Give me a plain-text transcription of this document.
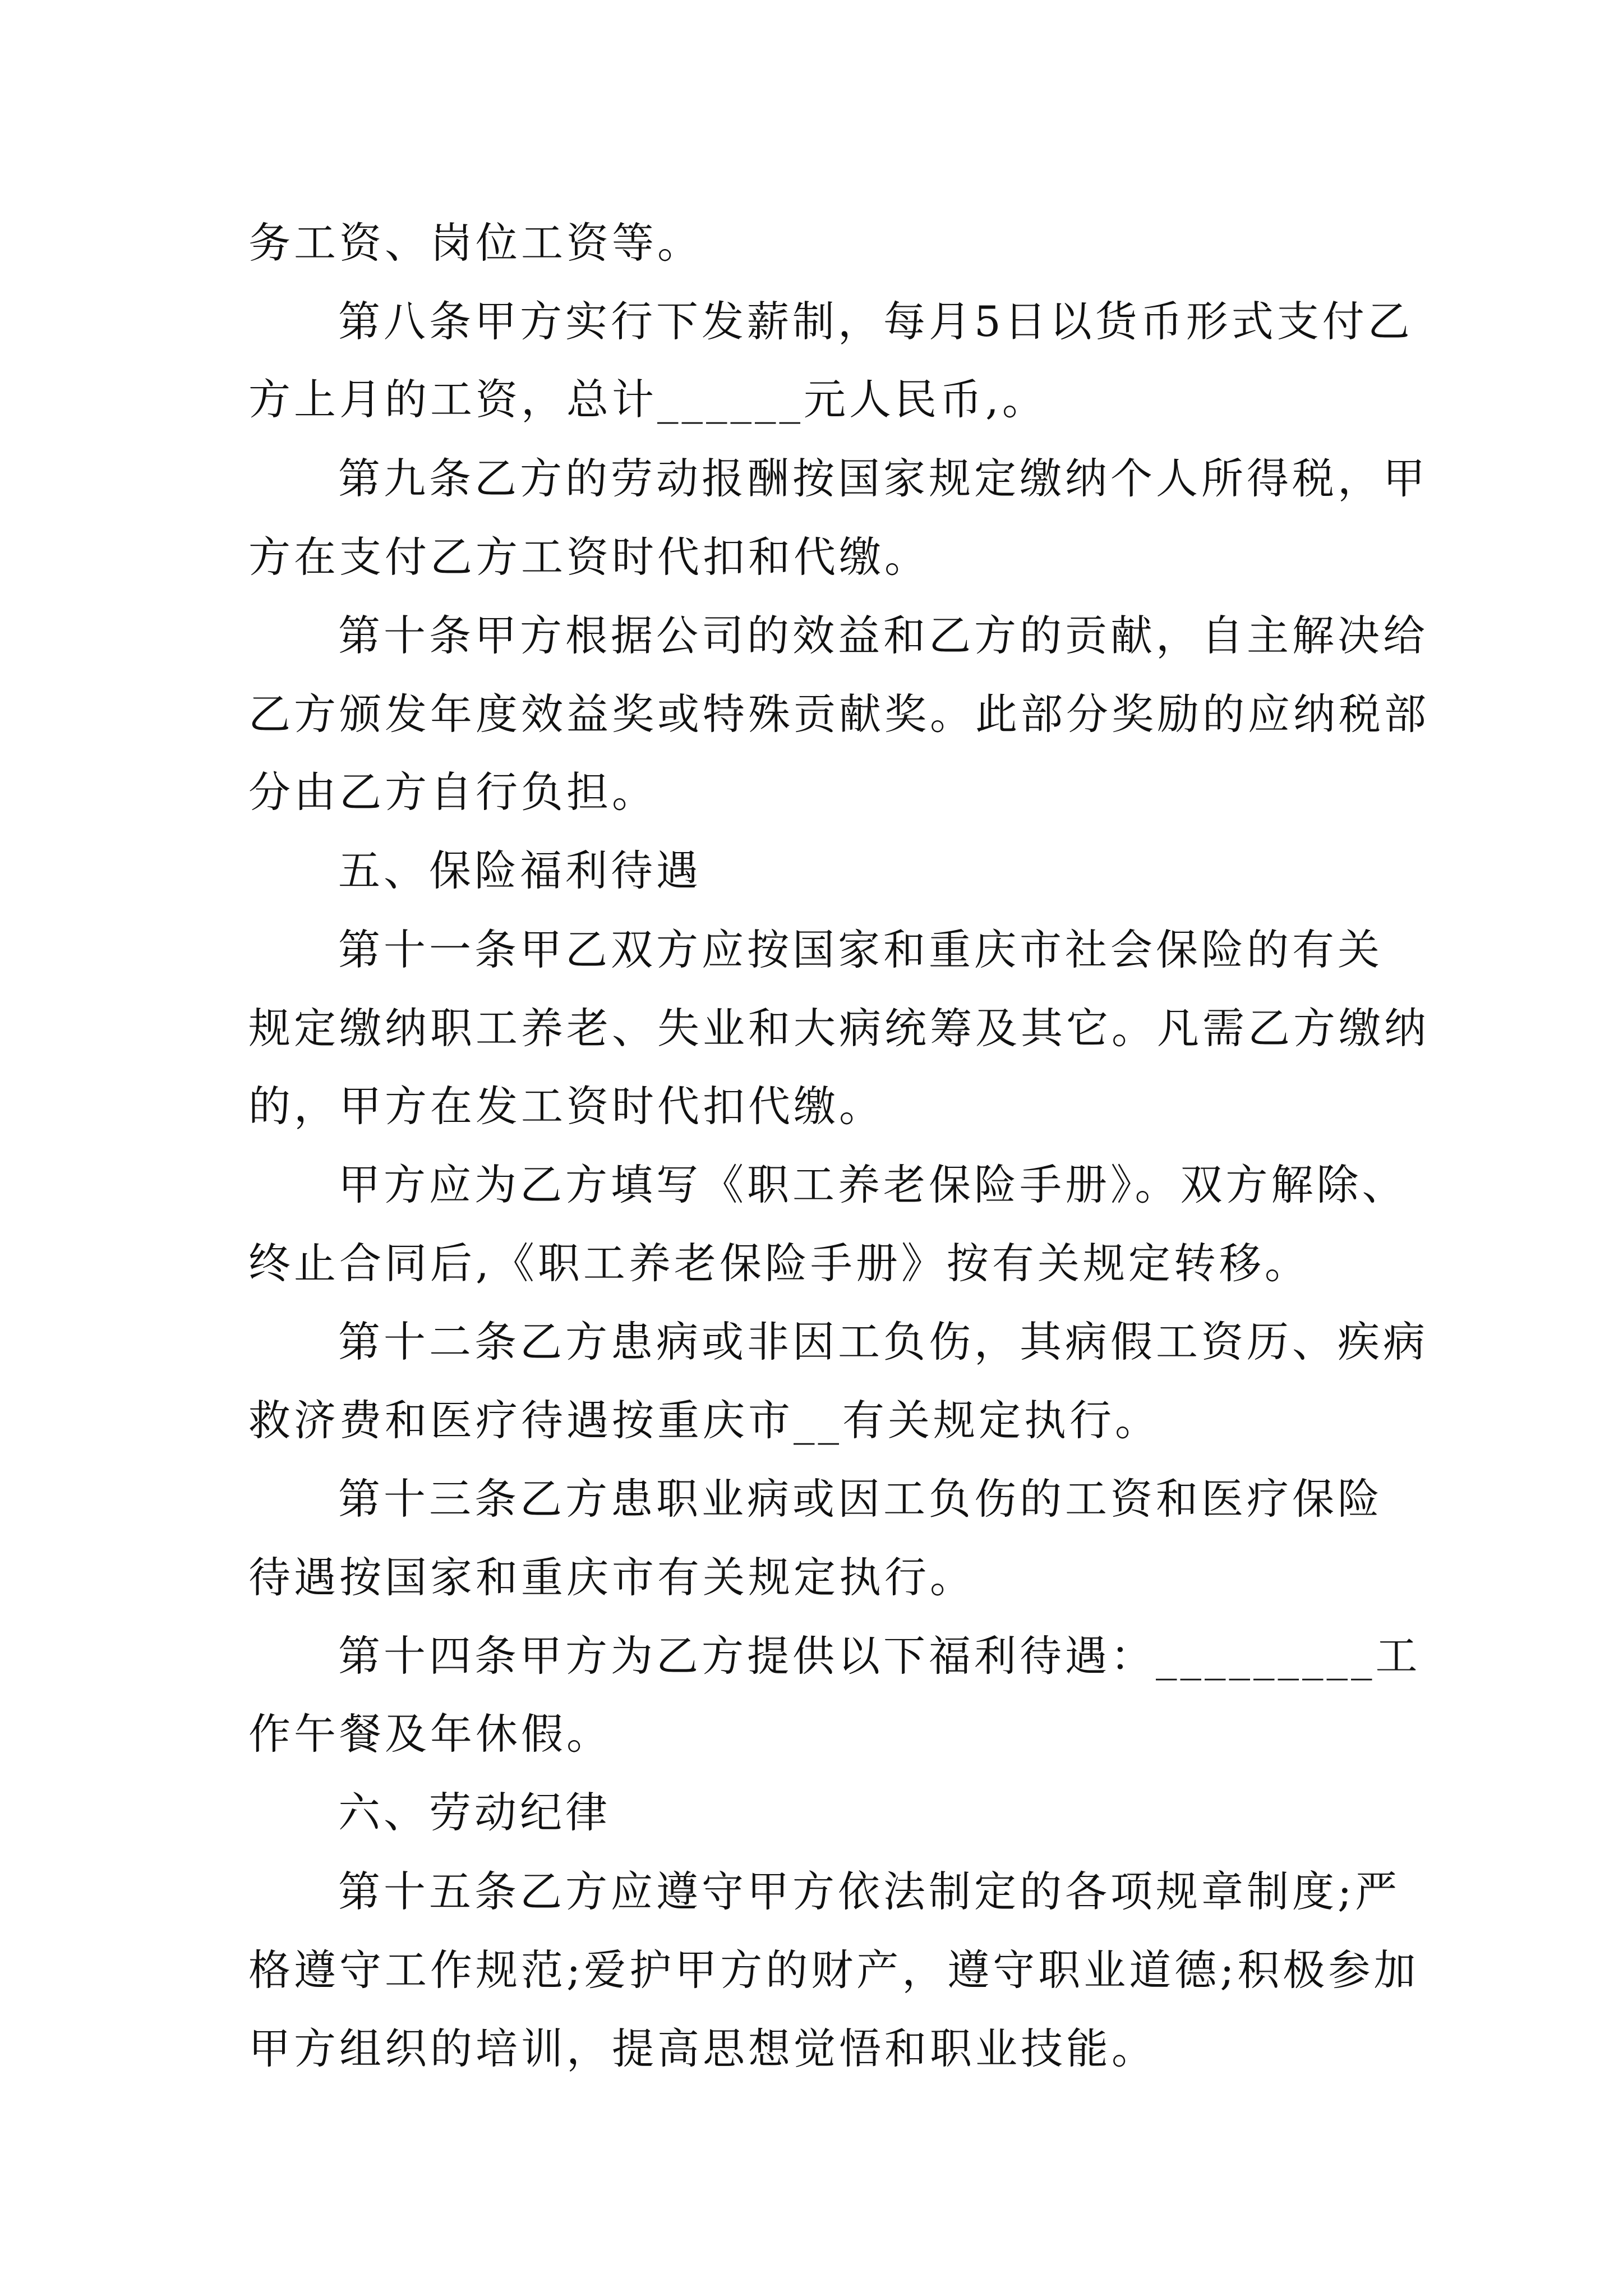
务工资、岗位工资等。
第八条甲方实行下发薪制，每月5日以货币形式支付乙
方上月的工资，总计______元人民币,。
第九条乙方的劳动报酬按国家规定缴纳个人所得税，甲
方在支付乙方工资时代扣和代缴。
第十条甲方根据公司的效益和乙方的贡献，自主解决给
乙方颁发年度效益奖或特殊贡献奖。此部分奖励的应纳税部
分由乙方自行负担。
五、保险福利待遇
第十一条甲乙双方应按国家和重庆市社会保险的有关
规定缴纳职工养老、失业和大病统筹及其它。凡需乙方缴纳
的，甲方在发工资时代扣代缴。
甲方应为乙方填写《职工养老保险手册》。双方解除、
终止合同后,《职工养老保险手册》按有关规定转移。
第十二条乙方患病或非因工负伤，其病假工资历、疾病
救济费和医疗待遇按重庆市__有关规定执行。
第十三条乙方患职业病或因工负伤的工资和医疗保险
待遇按国家和重庆市有关规定执行。
第十四条甲方为乙方提供以下福利待遇：_________工
作午餐及年休假。
六、劳动纪律
第十五条乙方应遵守甲方依法制定的各项规章制度;严
格遵守工作规范;爱护甲方的财产，遵守职业道德;积极参加
甲方组织的培训，提高思想觉悟和职业技能。
